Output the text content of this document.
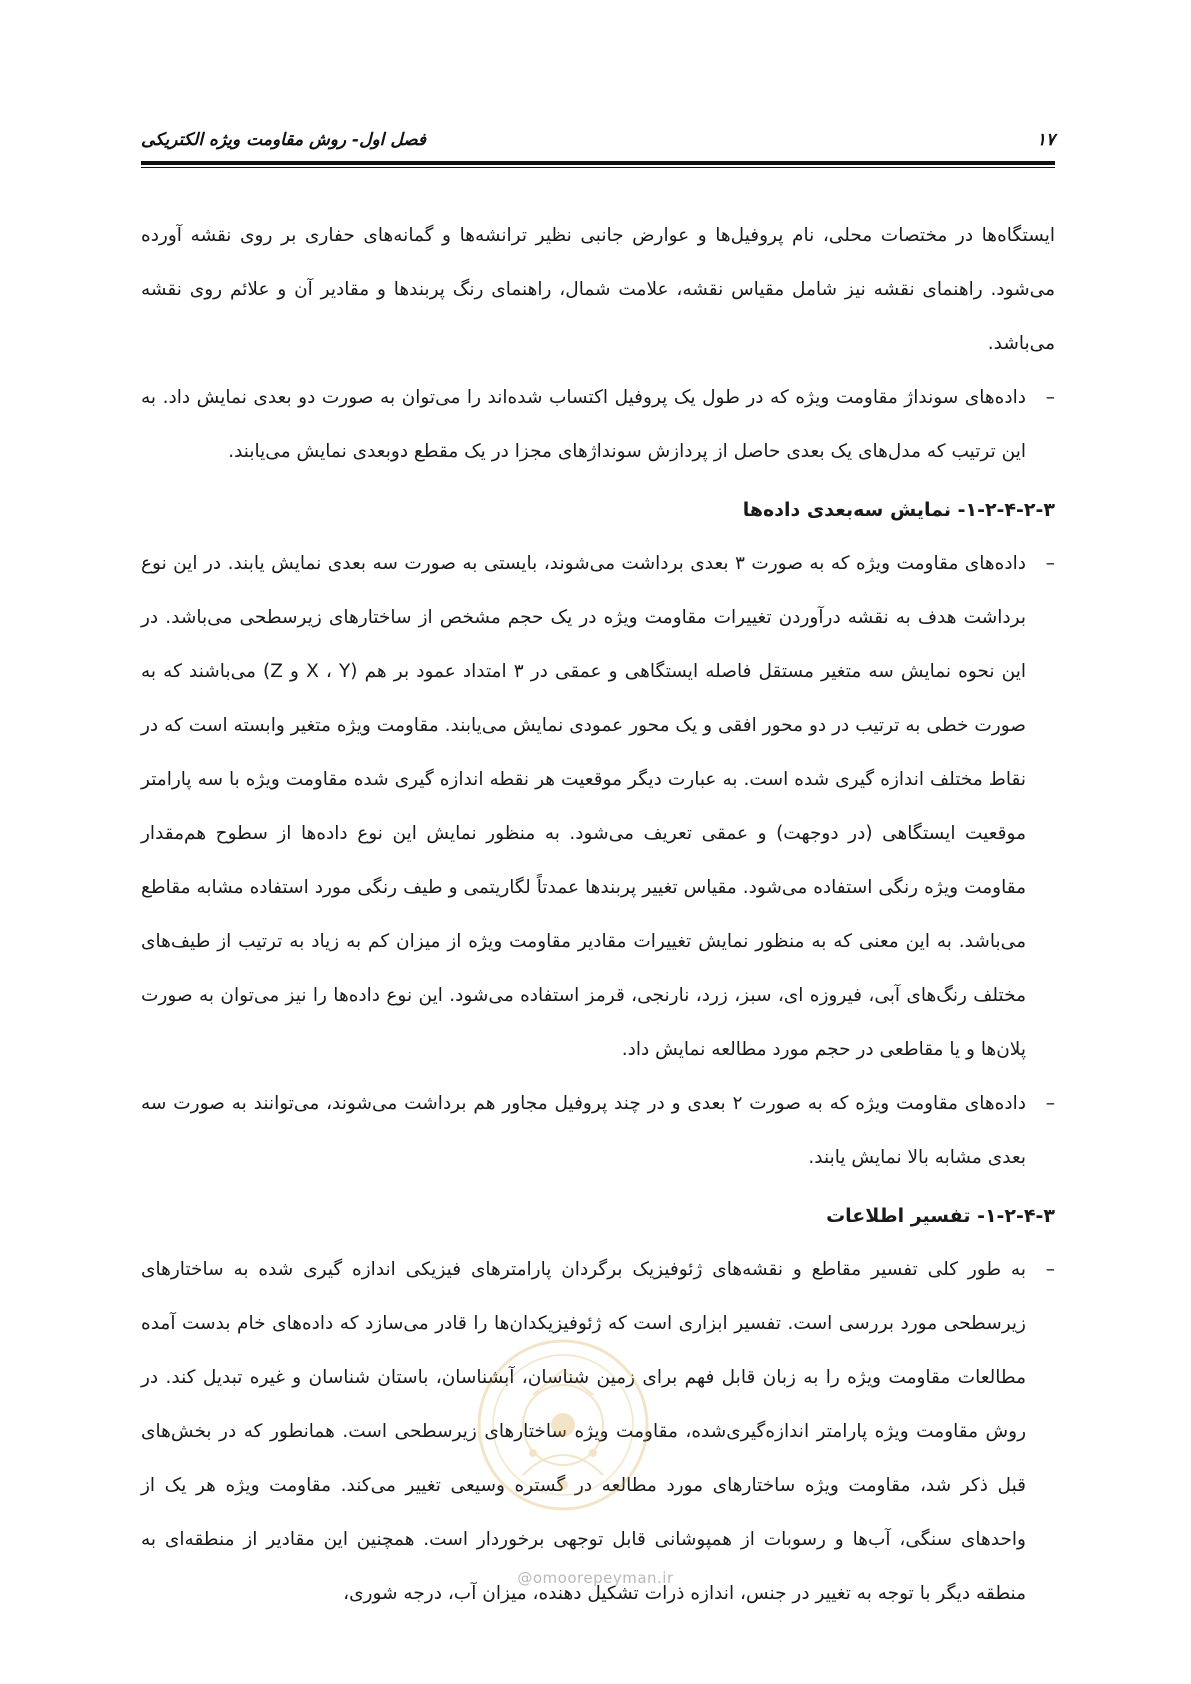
فصل اول- روش مقاومت ویژه الکتریکی	۱۷

ایستگاه‌ها در مختصات محلی، نام پروفیل‌ها و عوارض جانبی نظیر ترانشه‌ها و گمانه‌های حفاری بر روی نقشه آورده می‌شود. راهنمای نقشه نیز شامل مقیاس نقشه، علامت شمال، راهنمای رنگ پربندها و مقادیر آن و علائم روی نقشه می‌باشد.

–
داده‌های سونداژ مقاومت ویژه که در طول یک پروفیل اکتساب شده‌اند را می‌توان به صورت دو بعدی نمایش داد. به این ترتیب که مدل‌های یک بعدی حاصل از پردازش سونداژهای مجزا در یک مقطع دوبعدی نمایش می‌یابند.
۱-۲-۴-۲-۳- نمایش سه‌بعدی داده‌ها
–
داده‌های مقاومت ویژه که به صورت ۳ بعدی برداشت می‌شوند، بایستی به صورت سه بعدی نمایش یابند. در این نوع برداشت هدف به نقشه درآوردن تغییرات مقاومت ویژه در یک حجم مشخص از ساختارهای زیرسطحی می‌باشد. در این نحوه نمایش سه متغیر مستقل فاصله ایستگاهی و عمقی در ۳ امتداد عمود بر هم (X ، Y و Z) می‌باشند که به صورت خطی به ترتیب در دو محور افقی و یک محور عمودی نمایش می‌یابند. مقاومت ویژه متغیر وابسته است که در نقاط مختلف اندازه گیری شده است. به عبارت دیگر موقعیت هر نقطه اندازه گیری شده مقاومت ویژه با سه پارامتر موقعیت ایستگاهی (در دوجهت) و عمقی تعریف می‌شود. به منظور نمایش این نوع داده‌ها از سطوح هم‌مقدار مقاومت ویژه رنگی استفاده می‌شود. مقیاس تغییر پربندها عمدتاً لگاریتمی و طیف رنگی مورد استفاده مشابه مقاطع می‌باشد. به این معنی که به منظور نمایش تغییرات مقادیر مقاومت ویژه از میزان کم به زیاد به ترتیب از طیف‌های مختلف رنگ‌های آبی، فیروزه ای، سبز، زرد، نارنجی، قرمز استفاده می‌شود. این نوع داده‌ها را نیز می‌توان به صورت پلان‌ها و یا مقاطعی در حجم مورد مطالعه نمایش داد.
–
داده‌های مقاومت ویژه که به صورت ۲ بعدی و در چند پروفیل مجاور هم برداشت می‌شوند، می‌توانند به صورت سه بعدی مشابه بالا نمایش یابند.
۱-۲-۴-۳- تفسیر اطلاعات
–
به طور کلی تفسیر مقاطع و نقشه‌های ژئوفیزیک برگردان پارامترهای فیزیکی اندازه گیری شده به ساختارهای زیرسطحی مورد بررسی است. تفسیر ابزاری است که ژئوفیزیکدان‌ها را قادر می‌سازد که داده‌های خام بدست آمده مطالعات مقاومت ویژه را به زبان قابل فهم برای زمین شناسان، آبشناسان، باستان شناسان و غیره تبدیل کند. در روش مقاومت ویژه پارامتر اندازه‌گیری‌شده، مقاومت ویژه ساختارهای زیرسطحی است. همانطور که در بخش‌های قبل ذکر شد، مقاومت ویژه ساختارهای مورد مطالعه در گستره وسیعی تغییر می‌کند. مقاومت ویژه هر یک از واحدهای سنگی، آب‌ها و رسوبات از همپوشانی قابل توجهی برخوردار است. همچنین این مقادیر از منطقه‌ای به منطقه دیگر با توجه به تغییر در جنس، اندازه ذرات تشکیل دهنده، میزان آب، درجه شوری،
@omoorepeyman.ir
